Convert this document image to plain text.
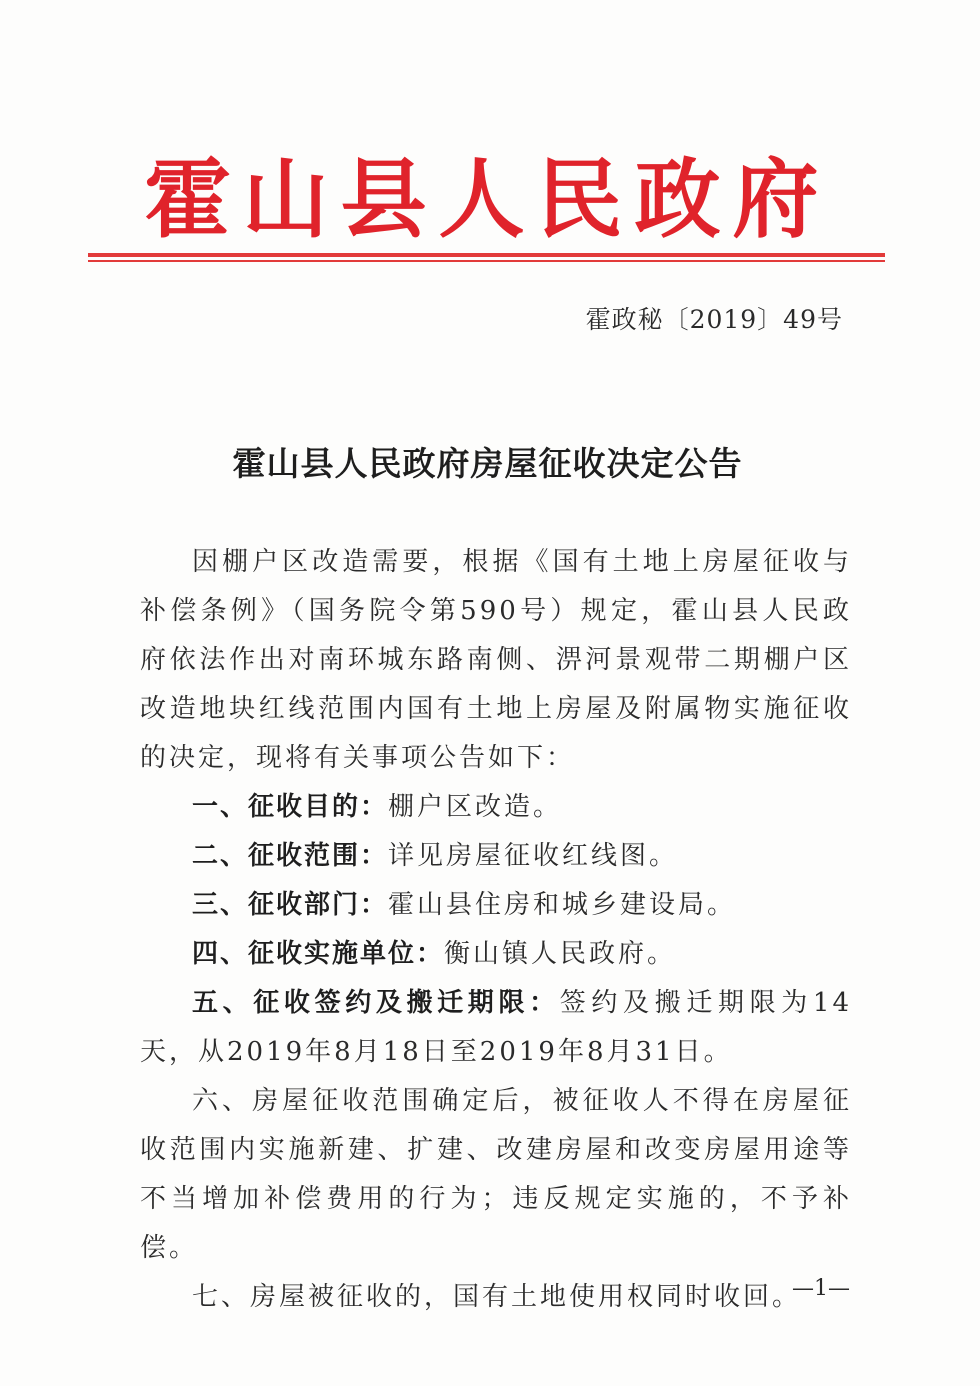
霍山县人民政府
霍政秘〔2019〕49号
霍山县人民政府房屋征收决定公告

因棚户区改造需要，根据《国有土地上房屋征收与补偿条例》（国务院令第590号）规定，霍山县人民政府依法作出对南环城东路南侧、淠河景观带二期棚户区改造地块红线范围内国有土地上房屋及附属物实施征收的决定，现将有关事项公告如下：

一、征收目的：棚户区改造。

二、征收范围：详见房屋征收红线图。

三、征收部门：霍山县住房和城乡建设局。

四、征收实施单位：衡山镇人民政府。

五、征收签约及搬迁期限：签约及搬迁期限为14天，从2019年8月18日至2019年8月31日。

六、房屋征收范围确定后，被征收人不得在房屋征收范围内实施新建、扩建、改建房屋和改变房屋用途等不当增加补偿费用的行为；违反规定实施的，不予补偿。

七、房屋被征收的，国有土地使用权同时收回。

—1—
